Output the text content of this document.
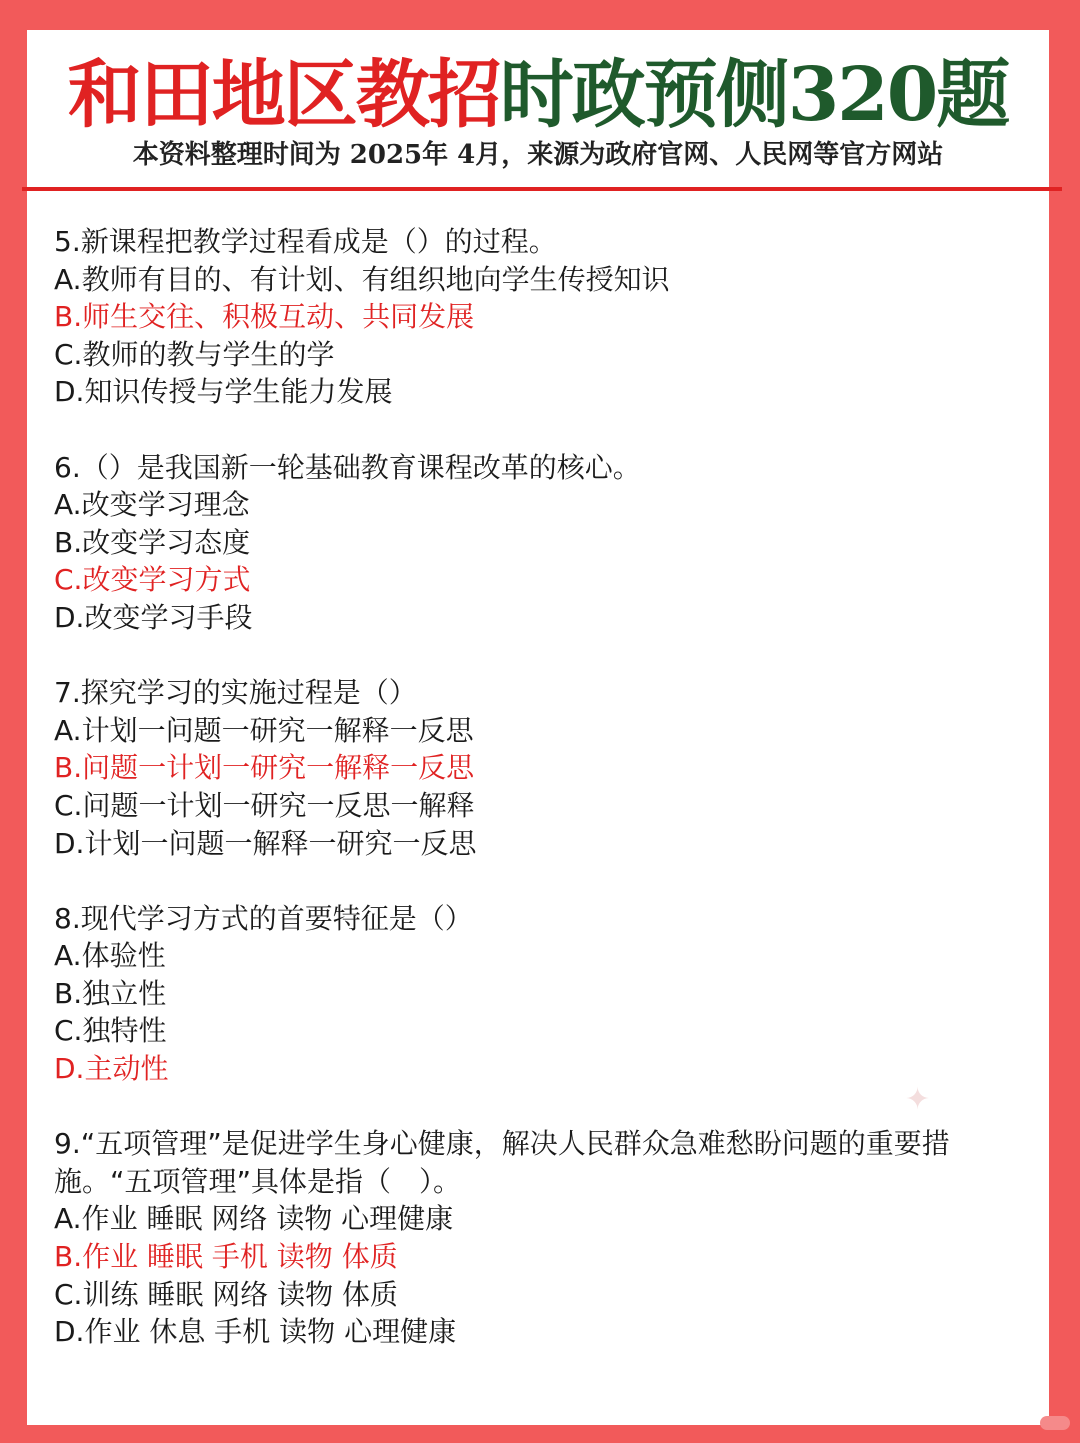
和田地区教招时政预侧320题
本资料整理时间为 2025年 4月，来源为政府官网、人民网等官方网站
5.新课程把教学过程看成是（）的过程。
A.教师有目的、有计划、有组织地向学生传授知识
B.师生交往、积极互动、共同发展
C.教师的教与学生的学
D.知识传授与学生能力发展
6.（）是我国新一轮基础教育课程改革的核心。
A.改变学习理念
B.改变学习态度
C.改变学习方式
D.改变学习手段
7.探究学习的实施过程是（）
A.计划一问题一研究一解释一反思
B.问题一计划一研究一解释一反思
C.问题一计划一研究一反思一解释
D.计划一问题一解释一研究一反思
8.现代学习方式的首要特征是（）
A.体验性
B.独立性
C.独特性
D.主动性
9.“五项管理”是促进学生身心健康，解决人民群众急难愁盼问题的重要措施。“五项管理”具体是指（　）。
A.作业 睡眠 网络 读物 心理健康
B.作业 睡眠 手机 读物 体质
C.训练 睡眠 网络 读物 体质
D.作业 休息 手机 读物 心理健康
✦
